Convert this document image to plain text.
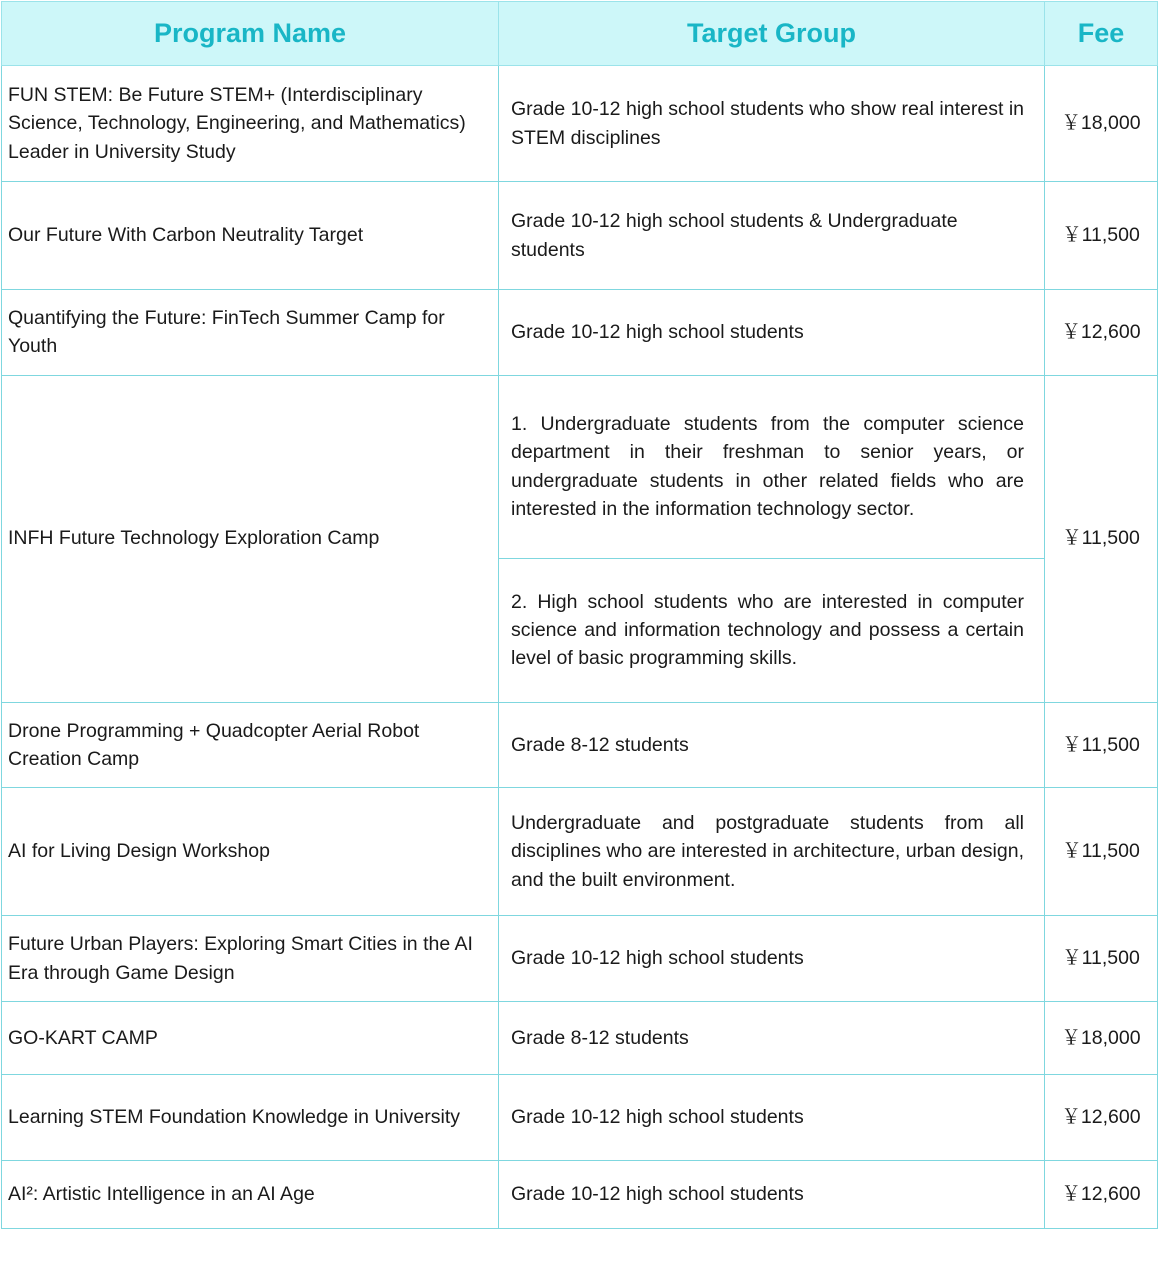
Program Name	Target Group	Fee
FUN STEM: Be Future STEM+ (Interdisciplinary Science, Technology, Engineering, and Mathematics) Leader in University Study	Grade 10-12 high school students who show real interest in STEM disciplines	￥18,000
Our Future With Carbon Neutrality Target	Grade 10-12 high school students & Undergraduate students	￥11,500
Quantifying the Future: FinTech Summer Camp for Youth	Grade 10-12 high school students	￥12,600
INFH Future Technology Exploration Camp	1. Undergraduate students from the computer science department in their freshman to senior years, or undergraduate students in other related fields who are interested in the information technology sector.	￥11,500
	2. High school students who are interested in computer science and information technology and possess a certain level of basic programming skills.	
Drone Programming + Quadcopter Aerial Robot Creation Camp	Grade 8-12 students	￥11,500
AI for Living Design Workshop	Undergraduate and postgraduate students from all disciplines who are interested in architecture, urban design, and the built environment.	￥11,500
Future Urban Players: Exploring Smart Cities in the AI Era through Game Design	Grade 10-12 high school students	￥11,500
GO-KART CAMP	Grade 8-12 students	￥18,000
Learning STEM Foundation Knowledge in University	Grade 10-12 high school students	￥12,600
AI²: Artistic Intelligence in an AI Age	Grade 10-12 high school students	￥12,600
